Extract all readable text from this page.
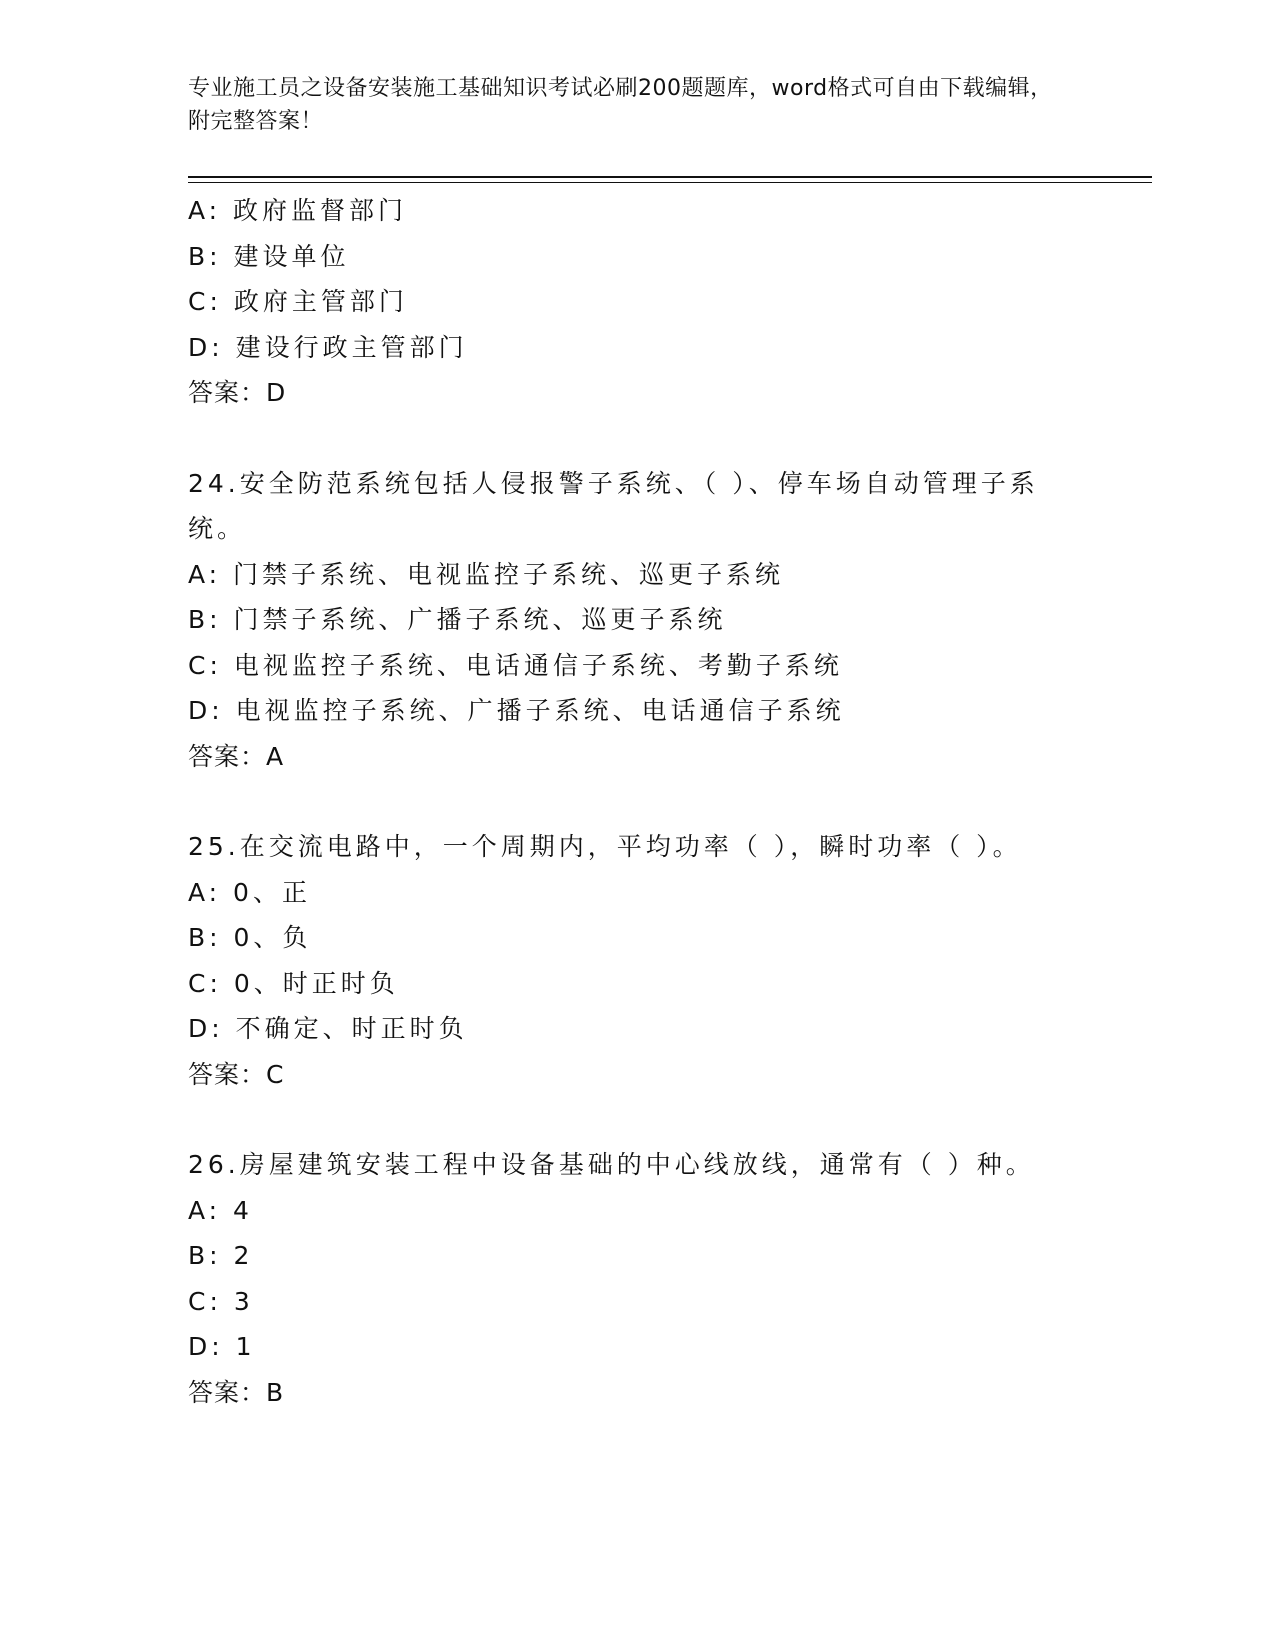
专业施工员之设备安装施工基础知识考试必刷200题题库，word格式可自由下载编辑，附完整答案！
A: 政府监督部门
B: 建设单位
C: 政府主管部门
D: 建设行政主管部门
答案：D
24.安全防范系统包括人侵报警子系统、（ ）、停车场自动管理子系统。
A: 门禁子系统、电视监控子系统、巡更子系统
B: 门禁子系统、广播子系统、巡更子系统
C: 电视监控子系统、电话通信子系统、考勤子系统
D: 电视监控子系统、广播子系统、电话通信子系统
答案：A
25.在交流电路中，一个周期内，平均功率（ ），瞬时功率（ ）。
A: 0、正
B: 0、负
C: 0、时正时负
D: 不确定、时正时负
答案：C
26.房屋建筑安装工程中设备基础的中心线放线，通常有（ ）种。
A: 4
B: 2
C: 3
D: 1
答案：B
